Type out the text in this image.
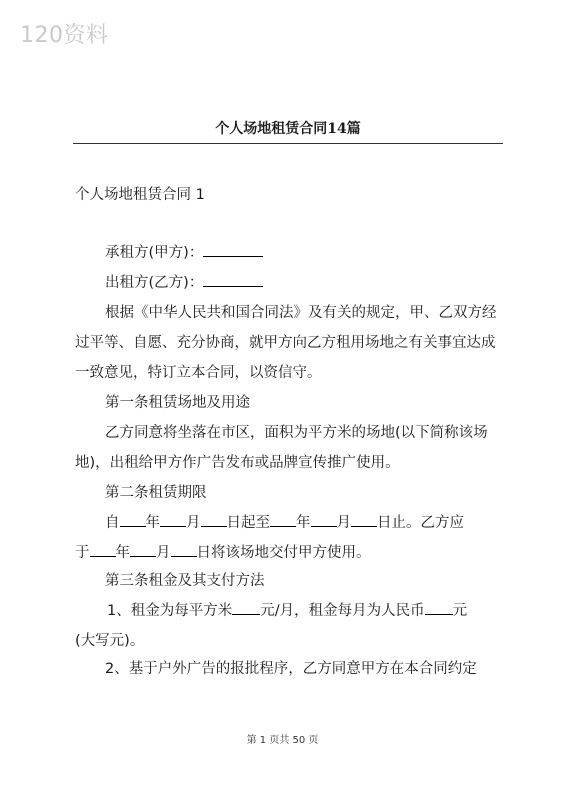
120资料
个人场地租赁合同14篇
个人场地租赁合同 1
承租方(甲方)：
出租方(乙方)：
根据《中华人民共和国合同法》及有关的规定，甲、乙双方经过平等、自愿、充分协商，就甲方向乙方租用场地之有关事宜达成一致意见，特订立本合同，以资信守。
第一条租赁场地及用途
乙方同意将坐落在市区，面积为平方米的场地(以下简称该场地)，出租给甲方作广告发布或品牌宣传推广使用。
第二条租赁期限
自 年 月 日起至 年 月 日止。乙方应
于 年 月 日将该场地交付甲方使用。
第三条租金及其支付方法
1、租金为每平方米 元/月，租金每月为人民币 元
(大写元)。
2、基于户外广告的报批程序，乙方同意甲方在本合同约定
第 1 页共 50 页
